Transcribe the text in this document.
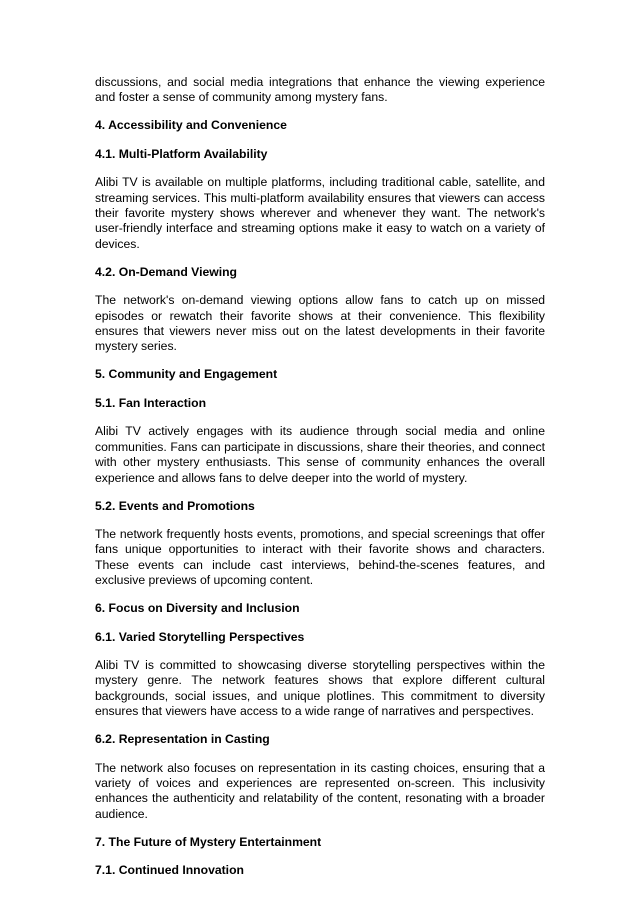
discussions, and social media integrations that enhance the viewing experience and foster a sense of community among mystery fans.

4. Accessibility and Convenience
4.1. Multi-Platform Availability

Alibi TV is available on multiple platforms, including traditional cable, satellite, and streaming services. This multi-platform availability ensures that viewers can access their favorite mystery shows wherever and whenever they want. The network's user-friendly interface and streaming options make it easy to watch on a variety of devices.

4.2. On-Demand Viewing

The network's on-demand viewing options allow fans to catch up on missed episodes or rewatch their favorite shows at their convenience. This flexibility ensures that viewers never miss out on the latest developments in their favorite mystery series.

5. Community and Engagement
5.1. Fan Interaction

Alibi TV actively engages with its audience through social media and online communities. Fans can participate in discussions, share their theories, and connect with other mystery enthusiasts. This sense of community enhances the overall experience and allows fans to delve deeper into the world of mystery.

5.2. Events and Promotions

The network frequently hosts events, promotions, and special screenings that offer fans unique opportunities to interact with their favorite shows and characters. These events can include cast interviews, behind-the-scenes features, and exclusive previews of upcoming content.

6. Focus on Diversity and Inclusion
6.1. Varied Storytelling Perspectives

Alibi TV is committed to showcasing diverse storytelling perspectives within the mystery genre. The network features shows that explore different cultural backgrounds, social issues, and unique plotlines. This commitment to diversity ensures that viewers have access to a wide range of narratives and perspectives.

6.2. Representation in Casting

The network also focuses on representation in its casting choices, ensuring that a variety of voices and experiences are represented on-screen. This inclusivity enhances the authenticity and relatability of the content, resonating with a broader audience.

7. The Future of Mystery Entertainment
7.1. Continued Innovation
